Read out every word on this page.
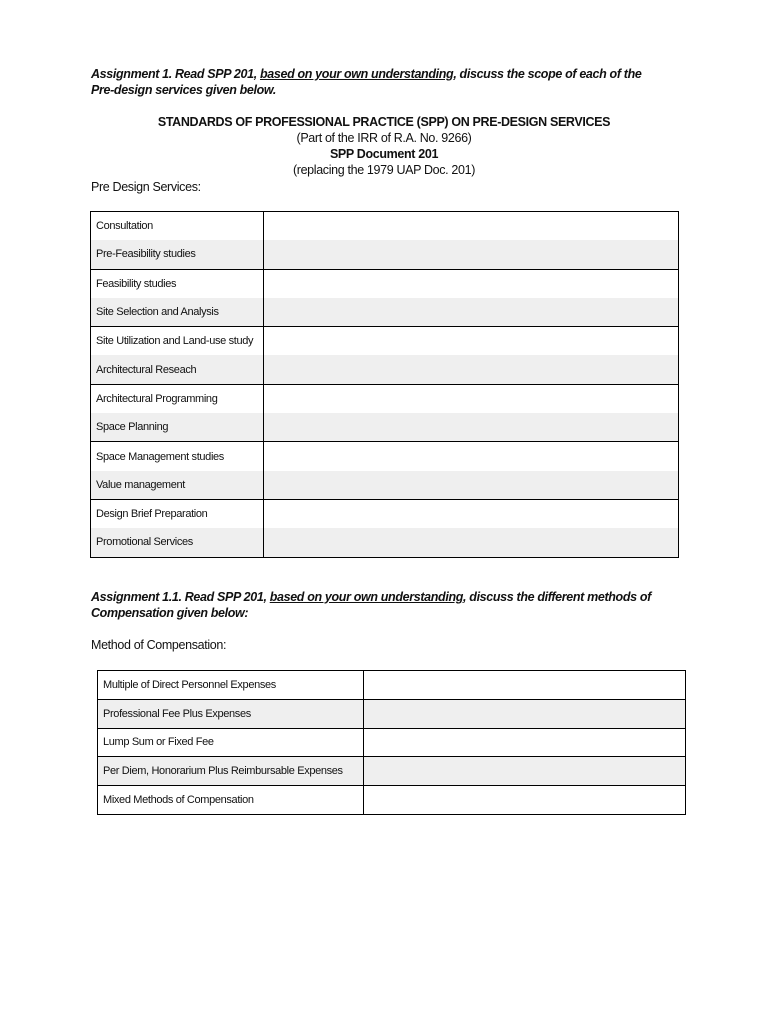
Assignment 1. Read SPP 201, based on your own understanding, discuss the scope of each of the Pre-design services given below.
STANDARDS OF PROFESSIONAL PRACTICE (SPP) ON PRE-DESIGN SERVICES
(Part of the IRR of R.A. No. 9266)
SPP Document 201
(replacing the 1979 UAP Doc. 201)
Pre Design Services:
Consultation	
Pre-Feasibility studies	
Feasibility studies	
Site Selection and Analysis	
Site Utilization and Land-use study	
Architectural Reseach	
Architectural Programming	
Space Planning	
Space Management studies	
Value management	
Design Brief Preparation	
Promotional Services	
Assignment 1.1. Read SPP 201, based on your own understanding, discuss the different methods of Compensation given below:
Method of Compensation:
Multiple of Direct Personnel Expenses	
Professional Fee Plus Expenses	
Lump Sum or Fixed Fee	
Per Diem, Honorarium Plus Reimbursable Expenses	
Mixed Methods of Compensation	
